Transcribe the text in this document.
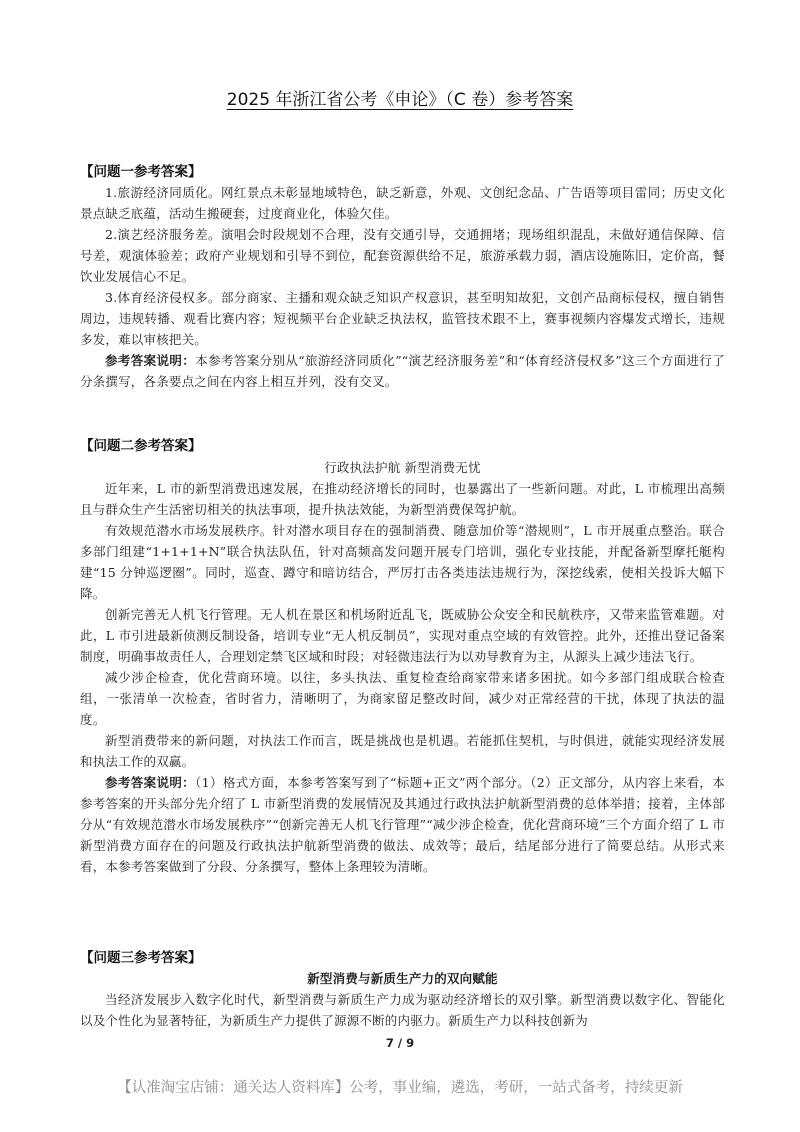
2025 年浙江省公考《申论》（C 卷）参考答案
【问题一参考答案】

1.旅游经济同质化。网红景点未彰显地域特色，缺乏新意，外观、文创纪念品、广告语等项目雷同；历史文化景点缺乏底蕴，活动生搬硬套，过度商业化，体验欠佳。

2.演艺经济服务差。演唱会时段规划不合理，没有交通引导，交通拥堵；现场组织混乱，未做好通信保障、信号差，观演体验差；政府产业规划和引导不到位，配套资源供给不足，旅游承载力弱，酒店设施陈旧，定价高，餐饮业发展信心不足。

3.体育经济侵权多。部分商家、主播和观众缺乏知识产权意识，甚至明知故犯，文创产品商标侵权，擅自销售周边，违规转播、观看比赛内容；短视频平台企业缺乏执法权，监管技术跟不上，赛事视频内容爆发式增长，违规多发，难以审核把关。

参考答案说明：本参考答案分别从“旅游经济同质化”“演艺经济服务差”和“体育经济侵权多”这三个方面进行了分条撰写，各条要点之间在内容上相互并列，没有交叉。

【问题二参考答案】
行政执法护航 新型消费无忧

近年来，L 市的新型消费迅速发展，在推动经济增长的同时，也暴露出了一些新问题。对此，L 市梳理出高频且与群众生产生活密切相关的执法事项，提升执法效能，为新型消费保驾护航。

有效规范潜水市场发展秩序。针对潜水项目存在的强制消费、随意加价等“潜规则”，L 市开展重点整治。联合多部门组建“1+1+1+N”联合执法队伍，针对高频高发问题开展专门培训，强化专业技能，并配备新型摩托艇构建“15 分钟巡逻圈”。同时，巡查、蹲守和暗访结合，严厉打击各类违法违规行为，深挖线索，使相关投诉大幅下降。

创新完善无人机飞行管理。无人机在景区和机场附近乱飞，既威胁公众安全和民航秩序，又带来监管难题。对此，L 市引进最新侦测反制设备，培训专业“无人机反制员”，实现对重点空域的有效管控。此外，还推出登记备案制度，明确事故责任人，合理划定禁飞区域和时段；对轻微违法行为以劝导教育为主，从源头上减少违法飞行。

减少涉企检查，优化营商环境。以往，多头执法、重复检查给商家带来诸多困扰。如今多部门组成联合检查组，一张清单一次检查，省时省力，清晰明了，为商家留足整改时间，减少对正常经营的干扰，体现了执法的温度。

新型消费带来的新问题，对执法工作而言，既是挑战也是机遇。若能抓住契机，与时俱进，就能实现经济发展和执法工作的双赢。

参考答案说明：（1）格式方面，本参考答案写到了“标题+正文”两个部分。（2）正文部分，从内容上来看，本参考答案的开头部分先介绍了 L 市新型消费的发展情况及其通过行政执法护航新型消费的总体举措；接着，主体部分从“有效规范潜水市场发展秩序”“创新完善无人机飞行管理”“减少涉企检查，优化营商环境”三个方面介绍了 L 市新型消费方面存在的问题及行政执法护航新型消费的做法、成效等；最后，结尾部分进行了简要总结。从形式来看，本参考答案做到了分段、分条撰写，整体上条理较为清晰。

【问题三参考答案】
新型消费与新质生产力的双向赋能

当经济发展步入数字化时代，新型消费与新质生产力成为驱动经济增长的双引擎。新型消费以数字化、智能化以及个性化为显著特征，为新质生产力提供了源源不断的内驱力。新质生产力以科技创新为

7 / 9
【认准淘宝店铺：通关达人资料库】公考，事业编，遴选，考研，一站式备考，持续更新
